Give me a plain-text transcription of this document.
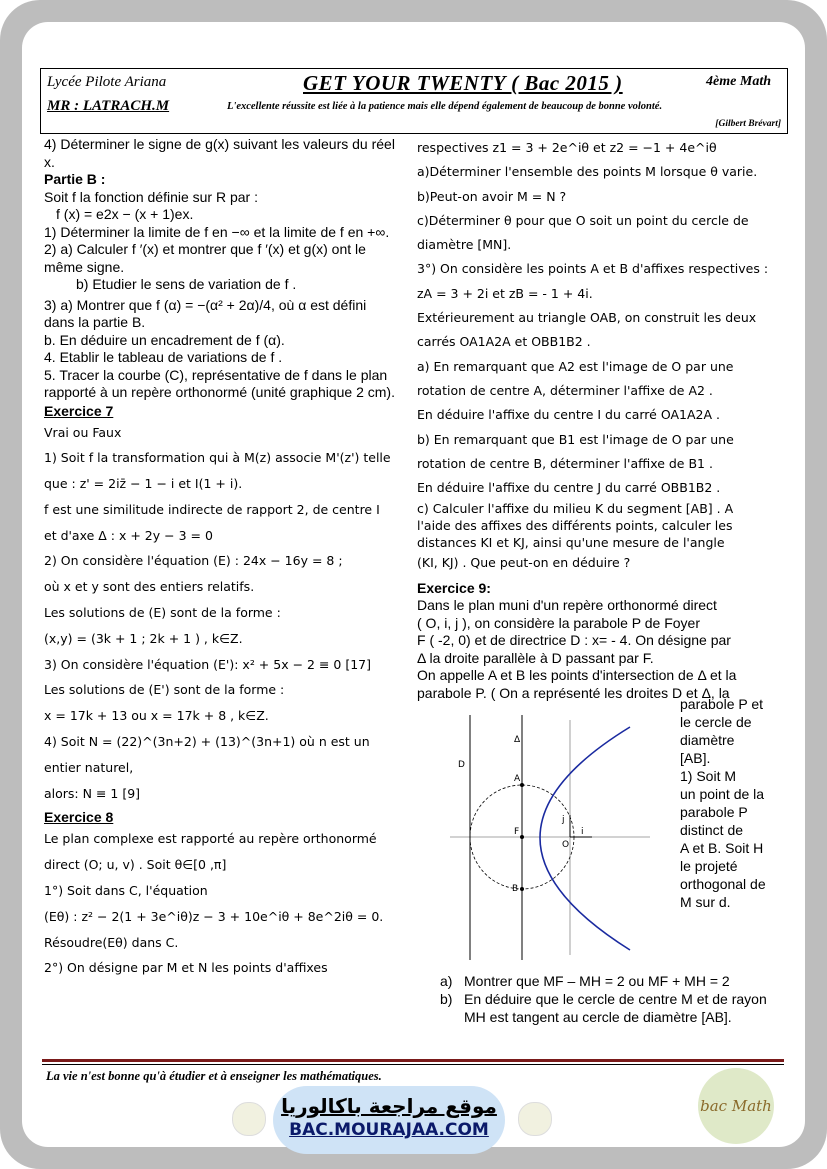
Lycée Pilote Ariana	GET YOUR TWENTY ( Bac 2015 )	4ème Math
MR : LATRACH.M	L'excellente réussite est liée à la patience mais elle dépend également de beaucoup de bonne volonté.
[Gilbert Brévart]

4) Déterminer le signe de g(x) suivant les valeurs du réel x.

Partie B :

Soit f la fonction définie sur R par :

f (x) = e2x − (x + 1)ex.

1) Déterminer la limite de f en −∞ et la limite de f en +∞.

2) a) Calculer f ′(x) et montrer que f ′(x) et g(x) ont le même signe.

b) Etudier le sens de variation de f .

3) a) Montrer que f (α) = −(α² + 2α)/4, où α est défini dans la partie B.

b. En déduire un encadrement de f (α).

4. Etablir le tableau de variations de f .

5. Tracer la courbe (C), représentative de f dans le plan rapporté à un repère orthonormé (unité graphique 2 cm).

Exercice 7

Vrai ou Faux

1) Soit f la transformation qui à M(z) associe M'(z') telle

que : z' = 2iz̄ − 1 − i et I(1 + i).

f est une similitude indirecte de rapport 2, de centre I

et d'axe Δ : x + 2y − 3 = 0

2) On considère l'équation (E) : 24x − 16y = 8 ;

où x et y sont des entiers relatifs.

Les solutions de (E) sont de la forme :

(x,y) = (3k + 1 ; 2k + 1 ) , k∈Z.

3) On considère l'équation (E'): x² + 5x − 2 ≡ 0 [17]

Les solutions de (E') sont de la forme :

x = 17k + 13 ou x = 17k + 8 , k∈Z.

4) Soit N = (22)^(3n+2) + (13)^(3n+1) où n est un entier naturel,

alors: N ≡ 1 [9]

Exercice 8

Le plan complexe est rapporté au repère orthonormé

direct (O; u, v) . Soit θ∈[0 ,π]

1°) Soit dans C, l'équation

(Eθ) : z² − 2(1 + 3e^iθ)z − 3 + 10e^iθ + 8e^2iθ = 0.

Résoudre(Eθ) dans C.

2°) On désigne par M et N les points d'affixes

respectives z1 = 3 + 2e^iθ et z2 = −1 + 4e^iθ

a)Déterminer l'ensemble des points M lorsque θ varie.

b)Peut-on avoir M = N ?

c)Déterminer θ pour que O soit un point du cercle de

diamètre [MN].

3°) On considère les points A et B d'affixes respectives :

zA = 3 + 2i et zB = - 1 + 4i.

Extérieurement au triangle OAB, on construit les deux

carrés OA1A2A et OBB1B2 .

a) En remarquant que A2 est l'image de O par une

rotation de centre A, déterminer l'affixe de A2 .

En déduire l'affixe du centre I du carré OA1A2A .

b) En remarquant que B1 est l'image de O par une

rotation de centre B, déterminer l'affixe de B1 .

En déduire l'affixe du centre J du carré OBB1B2 .

c) Calculer l'affixe du milieu K du segment [AB] . A

l'aide des affixes des différents points, calculer les

distances KI et KJ, ainsi qu'une mesure de l'angle

(KI, KJ) . Que peut-on en déduire ?

Exercice 9:

Dans le plan muni d'un repère orthonormé direct

( O, i, j ), on considère la parabole P de Foyer

F ( -2, 0) et de directrice D : x= - 4. On désigne par

Δ la droite parallèle à D passant par F.

On appelle A et B les points d'intersection de Δ et la

parabole P. ( On a représenté les droites D et Δ, la

Δ
D
A
B
F
j
i
O
parabole P et
le cercle de
diamètre
[AB].
1) Soit M
un point de la
parabole P
distinct de
A et B. Soit H
le projeté
orthogonal de
M sur d.
a) Montrer que MF – MH = 2 ou MF + MH = 2
b) En déduire que le cercle de centre M et de rayon MH est tangent au cercle de diamètre [AB].
La vie n'est bonne qu'à étudier et à enseigner les mathématiques.
موقع مراجعة باكالوريا
BAC.MOURAJAA.COM
bac Math
